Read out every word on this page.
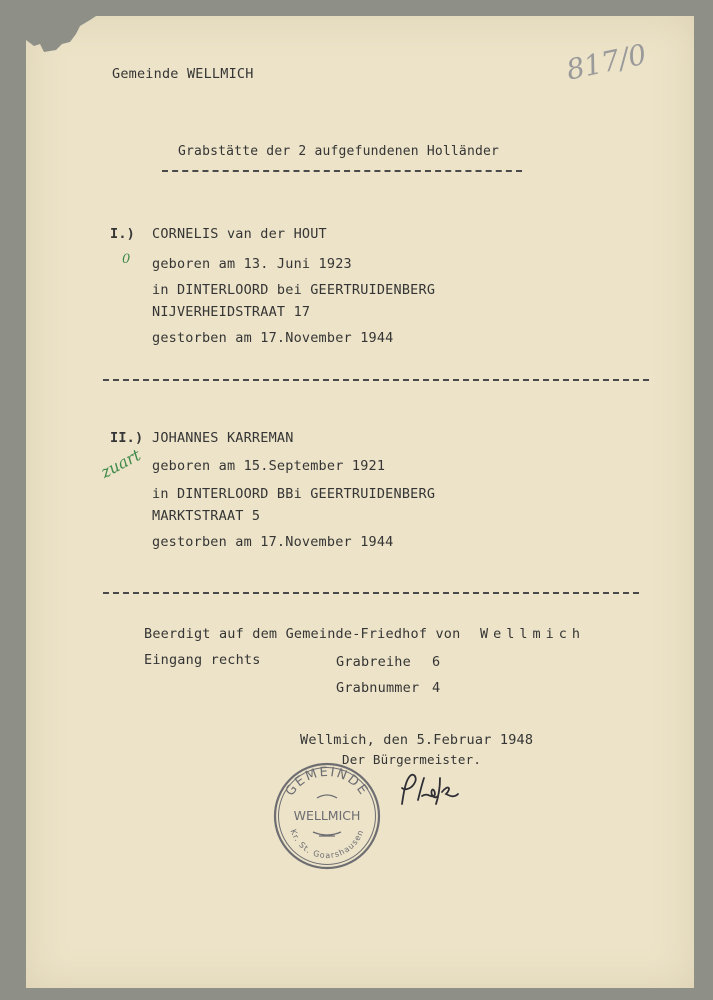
Gemeinde WELLMICH	817/0
Grabstätte der 2 aufgefundenen Holländer
I.) CORNELIS van der HOUT
0 geboren am 13. Juni 1923
in DINTERLOORD bei GEERTRUIDENBERG
NIJVERHEIDSTRAAT 17
gestorben am 17.November 1944
II.) JOHANNES KARREMAN
zuart geboren am 15.September 1921
in DINTERLOORD BBi GEERTRUIDENBERG
MARKTSTRAAT 5
gestorben am 17.November 1944
Beerdigt auf dem Gemeinde-Friedhof von Wellmich
Eingang rechts	Grabreihe 6
Grabnummer 4
Wellmich, den 5.Februar 1948
Der Bürgermeister.
GEMEINDE
Kr. St. Goarshausen
WELLMICH
